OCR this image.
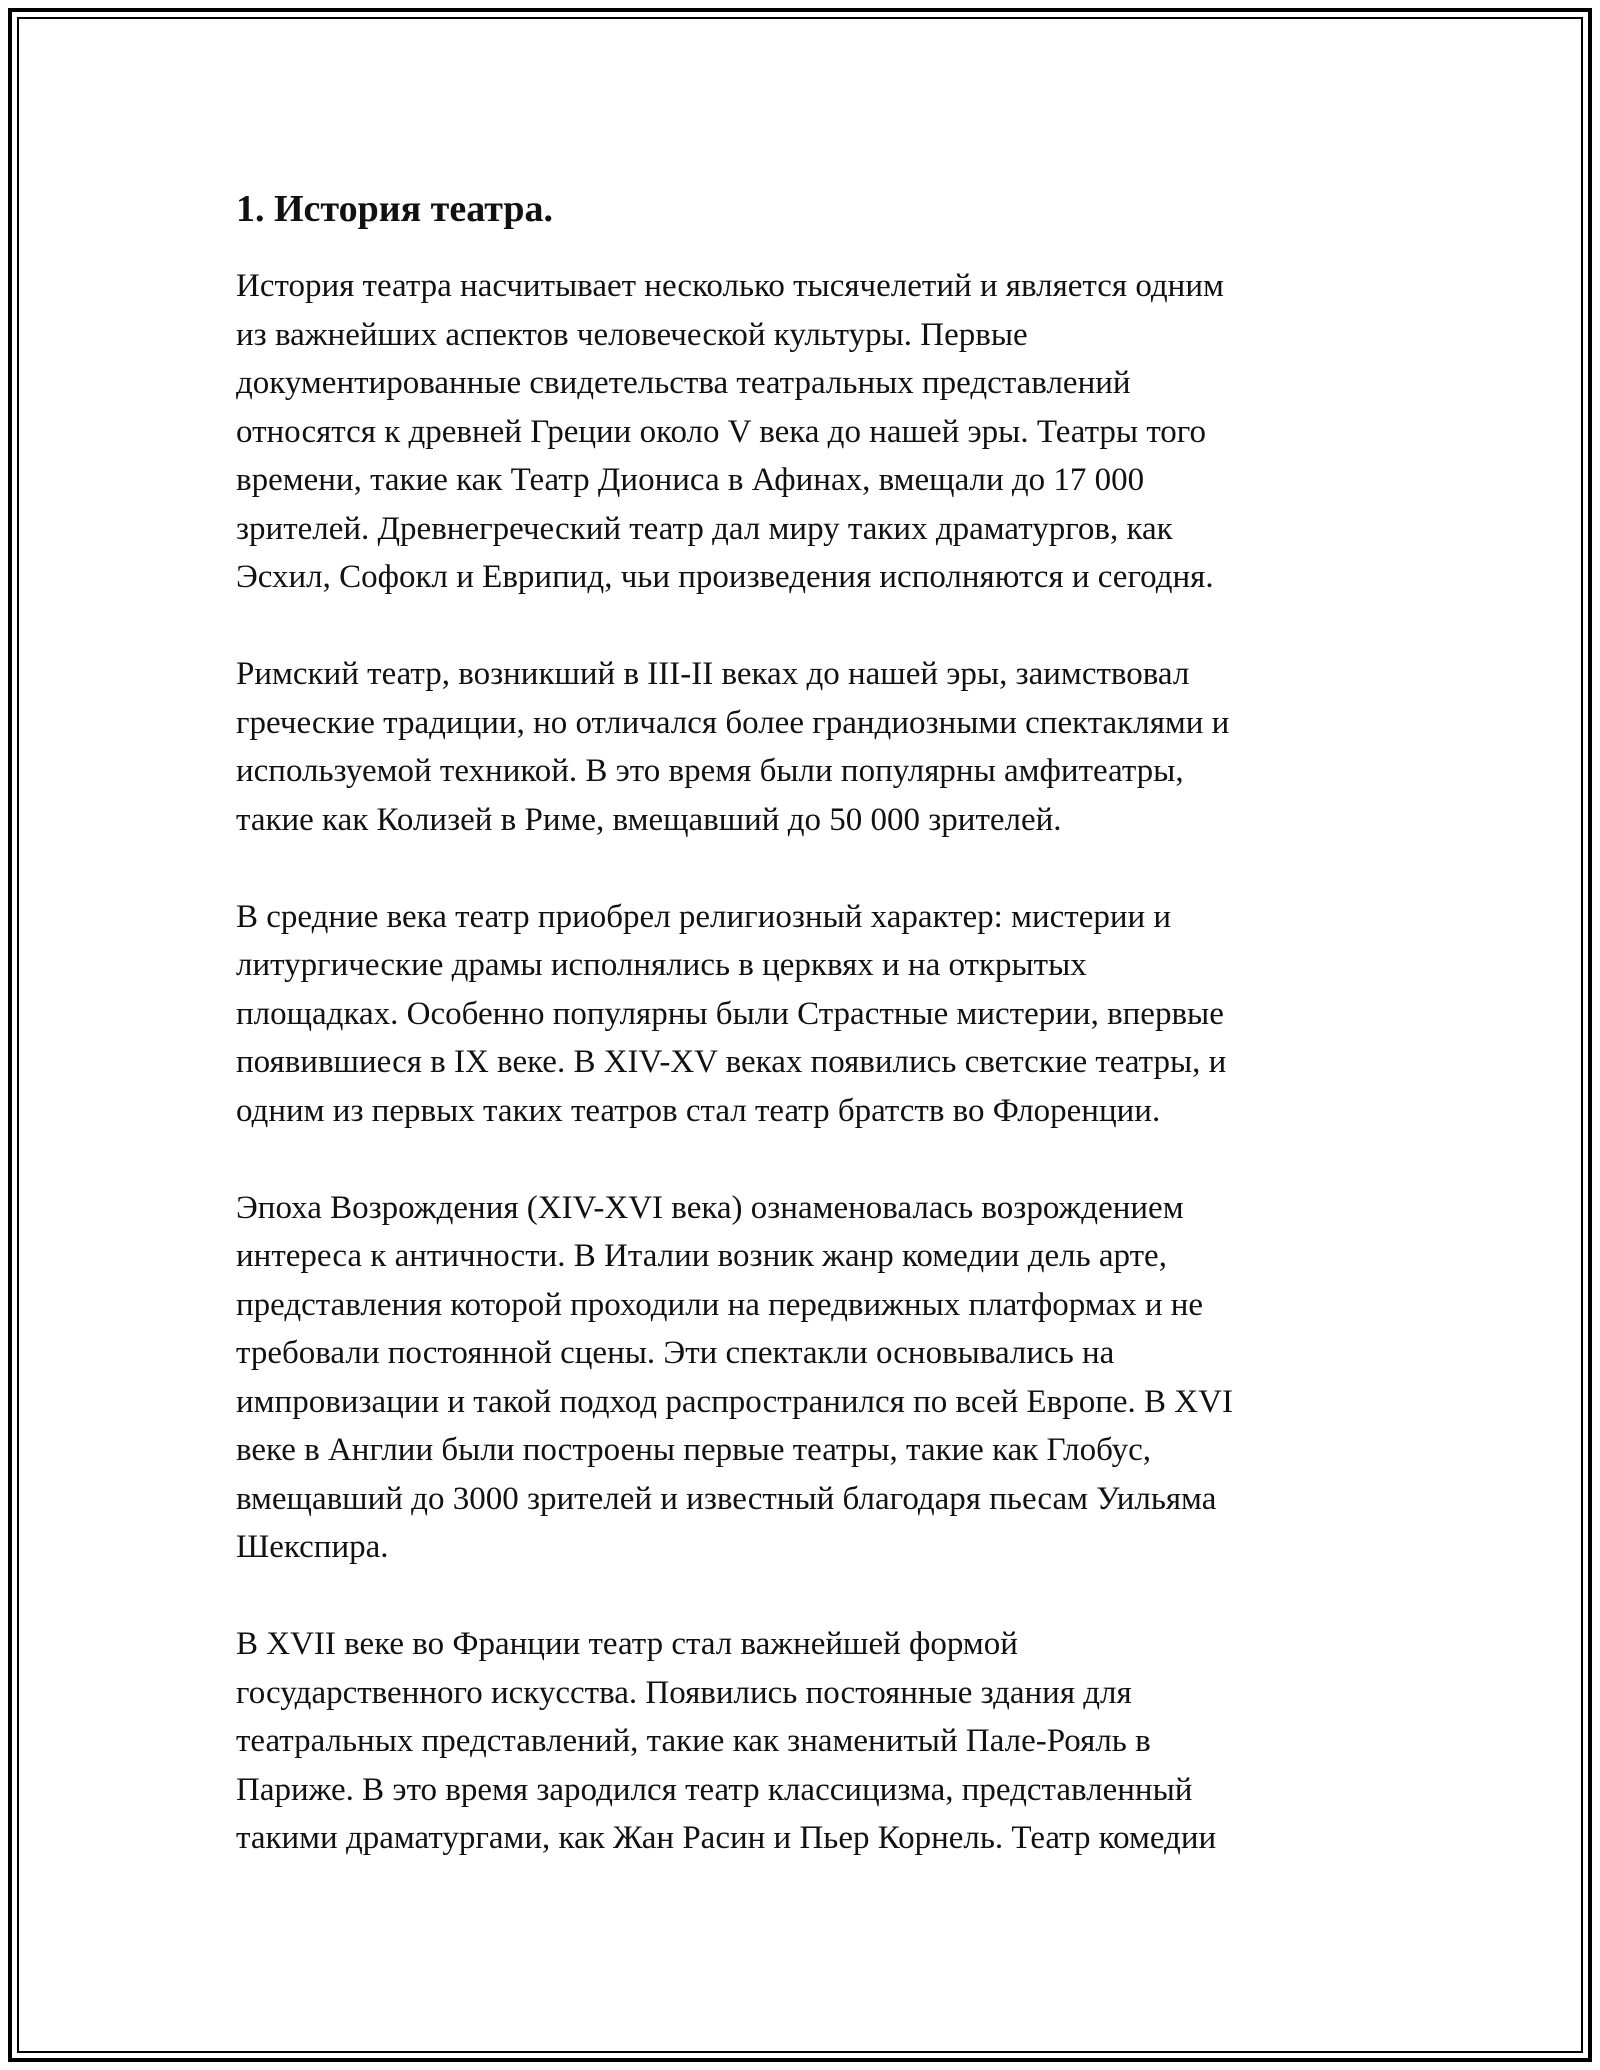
1. История театра.
История театра насчитывает несколько тысячелетий и является одним
из важнейших аспектов человеческой культуры. Первые
документированные свидетельства театральных представлений
относятся к древней Греции около V века до нашей эры. Театры того
времени, такие как Театр Диониса в Афинах, вмещали до 17 000
зрителей. Древнегреческий театр дал миру таких драматургов, как
Эсхил, Софокл и Еврипид, чьи произведения исполняются и сегодня.
Римский театр, возникший в III-II веках до нашей эры, заимствовал
греческие традиции, но отличался более грандиозными спектаклями и
используемой техникой. В это время были популярны амфитеатры,
такие как Колизей в Риме, вмещавший до 50 000 зрителей.
В средние века театр приобрел религиозный характер: мистерии и
литургические драмы исполнялись в церквях и на открытых
площадках. Особенно популярны были Страстные мистерии, впервые
появившиеся в IX веке. В XIV-XV веках появились светские театры, и
одним из первых таких театров стал театр братств во Флоренции.
Эпоха Возрождения (XIV-XVI века) ознаменовалась возрождением
интереса к античности. В Италии возник жанр комедии дель арте,
представления которой проходили на передвижных платформах и не
требовали постоянной сцены. Эти спектакли основывались на
импровизации и такой подход распространился по всей Европе. В XVI
веке в Англии были построены первые театры, такие как Глобус,
вмещавший до 3000 зрителей и известный благодаря пьесам Уильяма
Шекспира.
В XVII веке во Франции театр стал важнейшей формой
государственного искусства. Появились постоянные здания для
театральных представлений, такие как знаменитый Пале-Рояль в
Париже. В это время зародился театр классицизма, представленный
такими драматургами, как Жан Расин и Пьер Корнель. Театр комедии
